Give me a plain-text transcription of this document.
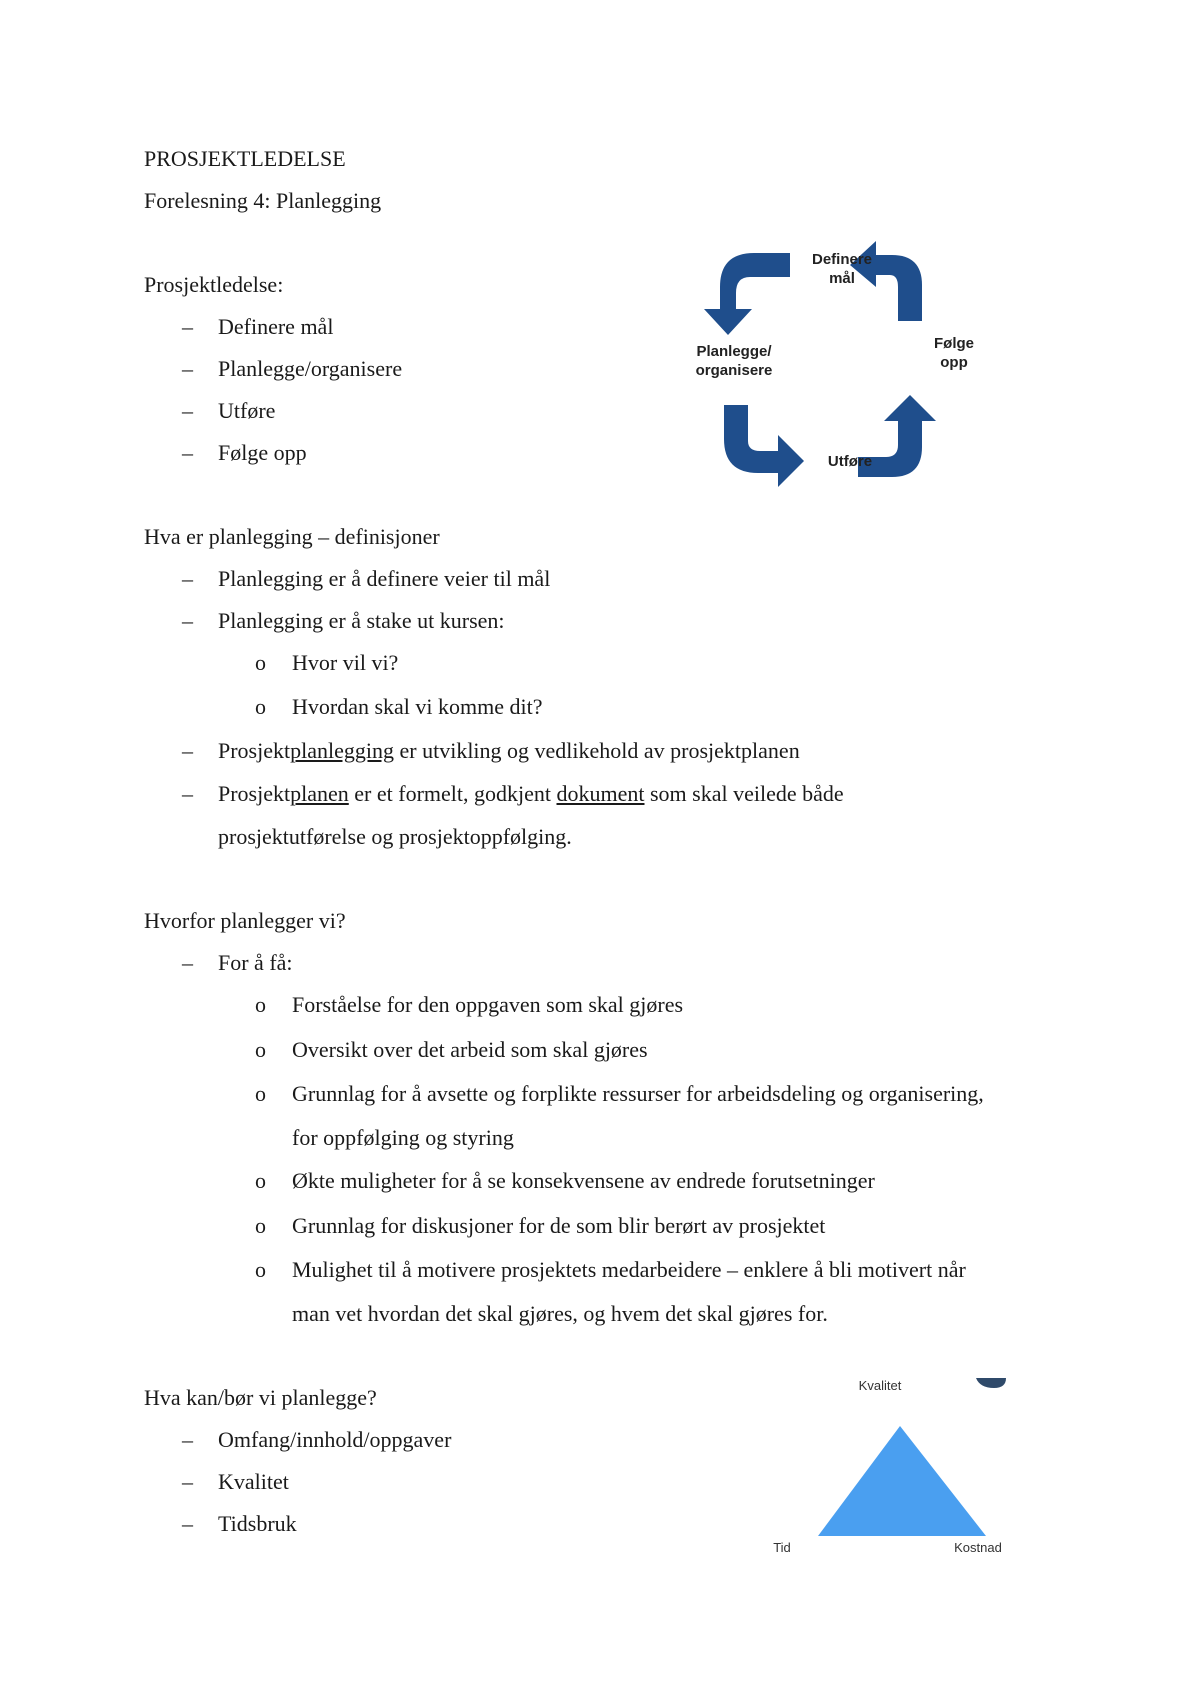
PROSJEKTLEDELSE
Forelesning 4: Planlegging
Prosjektledelse:
– Definere mål
– Planlegge/organisere
– Utføre
– Følge opp
Definere
mål
Planlegge/
organisere
Følge
opp
Utføre
Hva er planlegging – definisjoner
– Planlegging er å definere veier til mål
– Planlegging er å stake ut kursen:
o Hvor vil vi?
o Hvordan skal vi komme dit?
– Prosjektplanlegging er utvikling og vedlikehold av prosjektplanen
– Prosjektplanen er et formelt, godkjent dokument som skal veilede både
prosjektutførelse og prosjektoppfølging.
Hvorfor planlegger vi?
– For å få:
o Forståelse for den oppgaven som skal gjøres
o Oversikt over det arbeid som skal gjøres
o Grunnlag for å avsette og forplikte ressurser for arbeidsdeling og organisering,
for oppfølging og styring
o Økte muligheter for å se konsekvensene av endrede forutsetninger
o Grunnlag for diskusjoner for de som blir berørt av prosjektet
o Mulighet til å motivere prosjektets medarbeidere – enklere å bli motivert når
man vet hvordan det skal gjøres, og hvem det skal gjøres for.
Hva kan/bør vi planlegge?
– Omfang/innhold/oppgaver
– Kvalitet
– Tidsbruk
Kvalitet
Tid	Kostnad
